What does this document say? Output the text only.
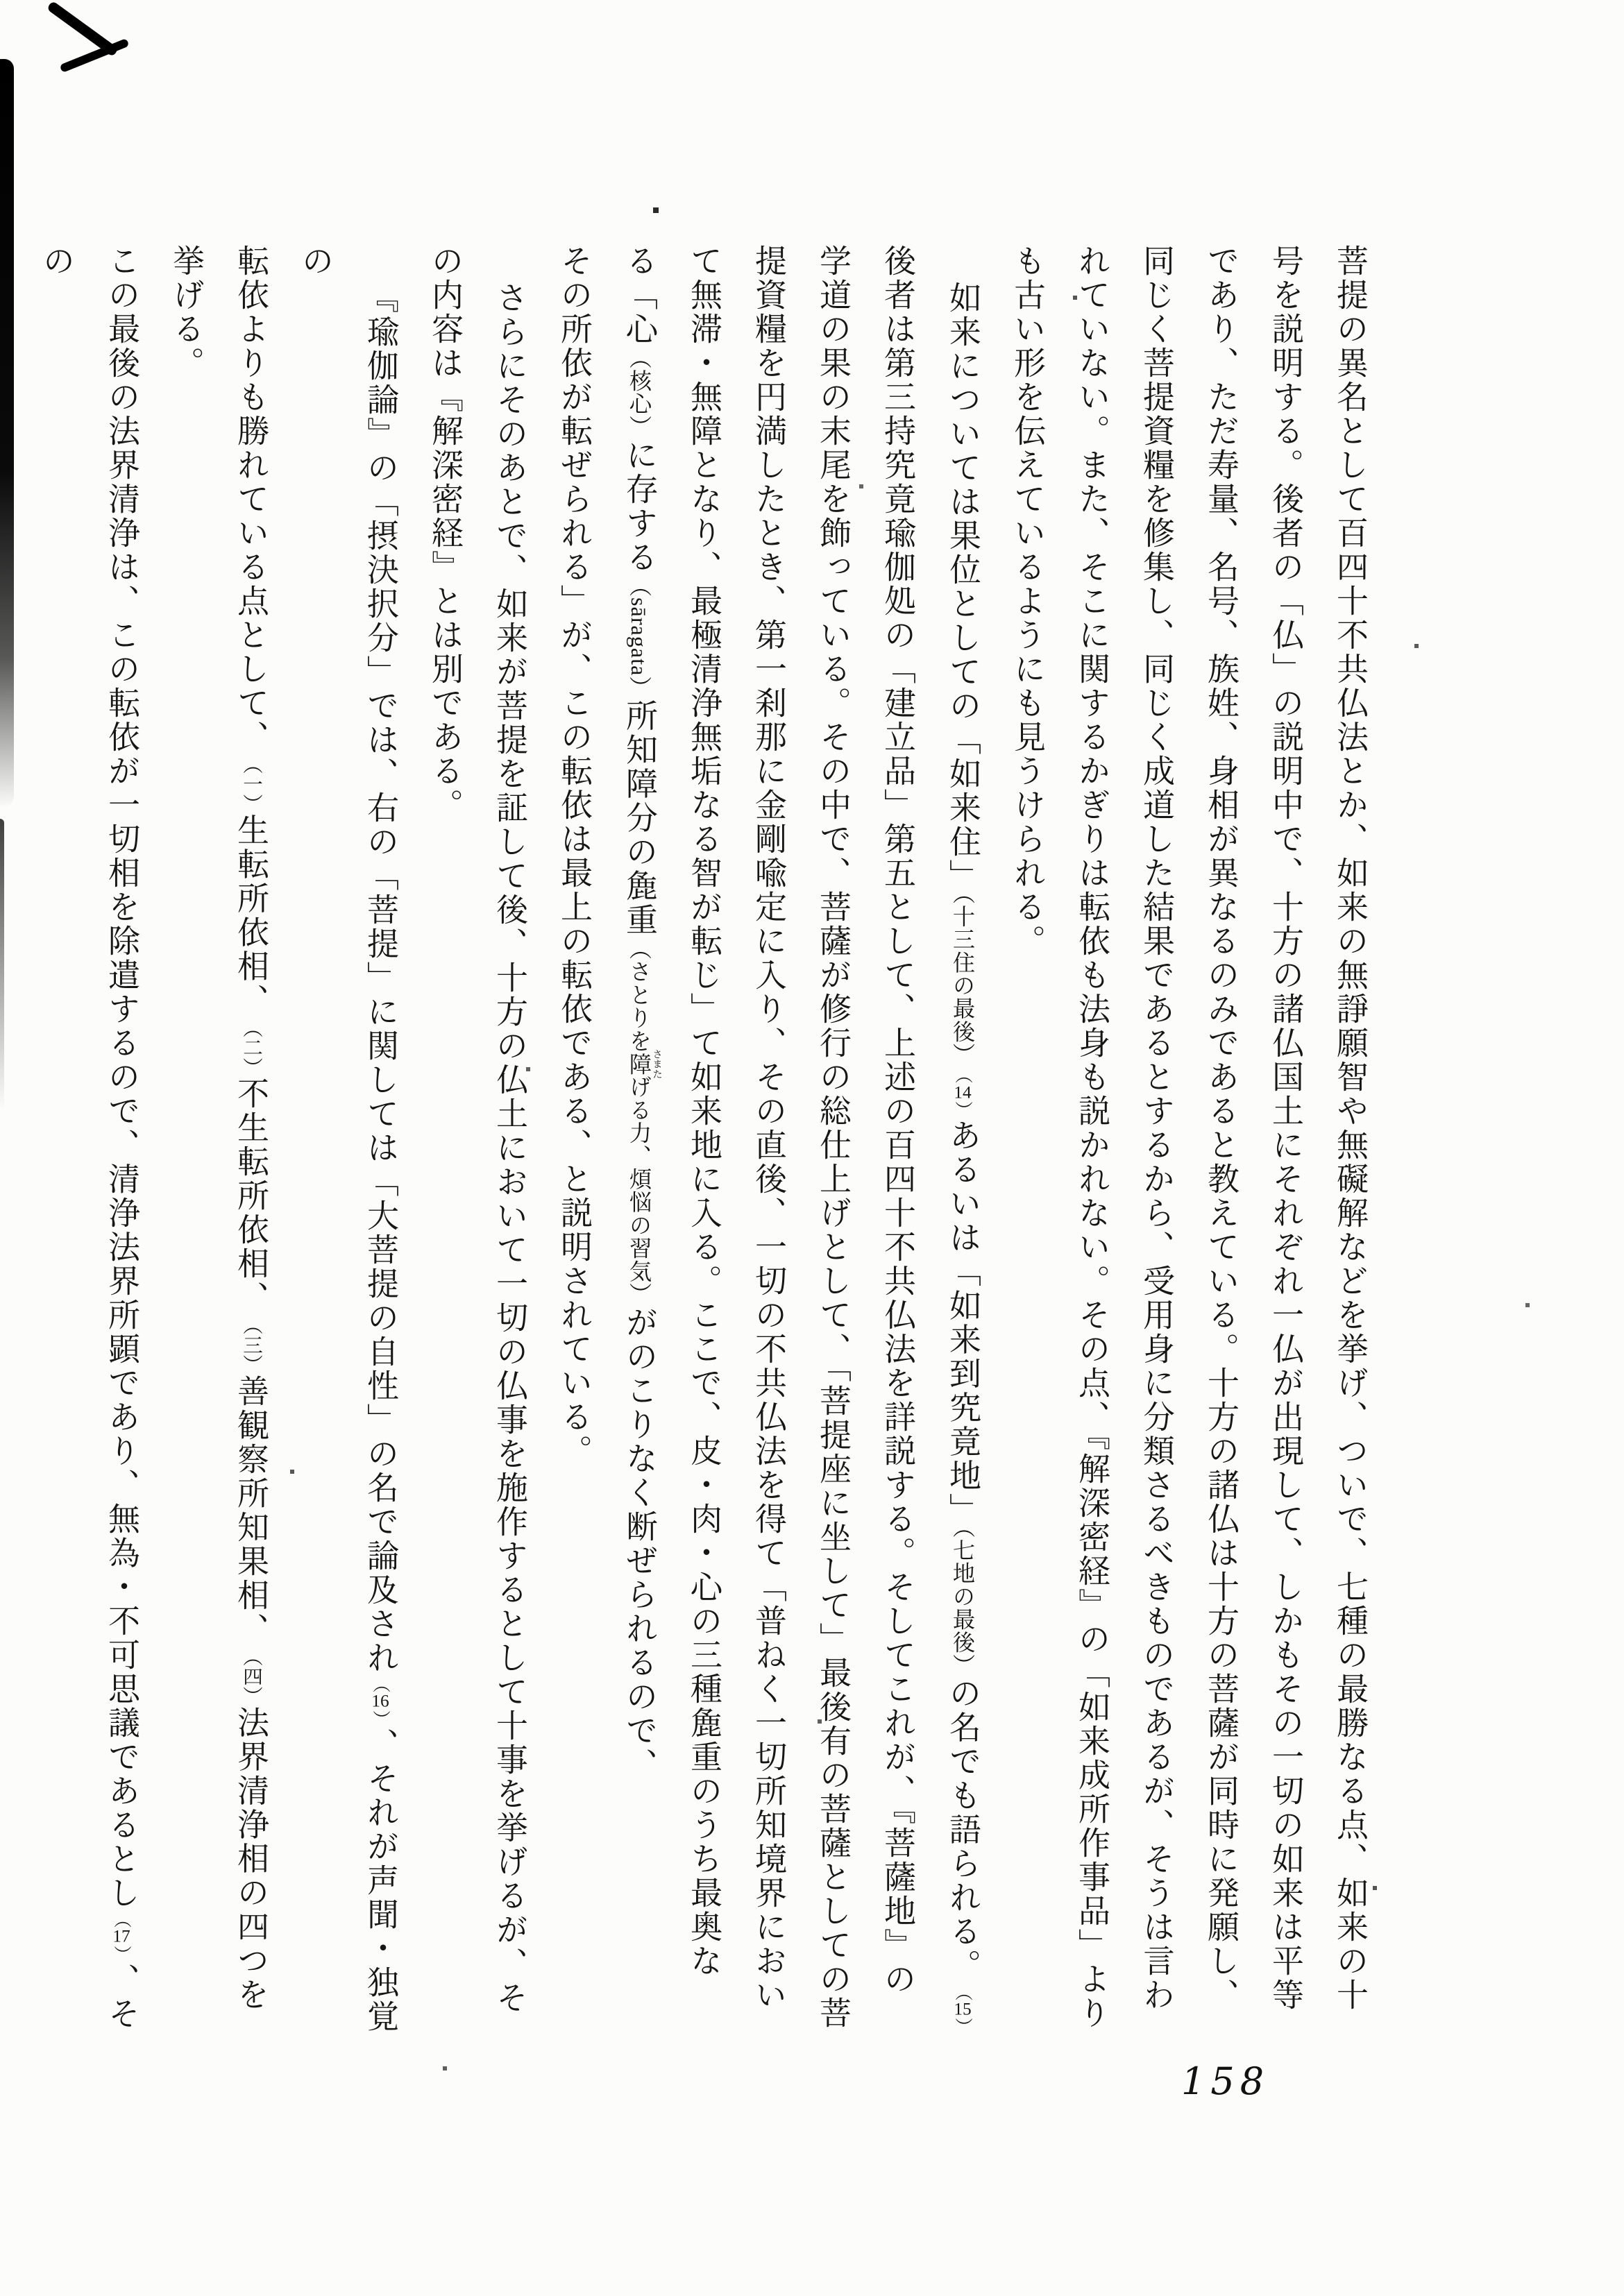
菩提の異名として百四十不共仏法とか、如来の無諍願智や無礙解などを挙げ、ついで、七種の最勝なる点、如来の十

号を説明する。後者の「仏」の説明中で、十方の諸仏国土にそれぞれ一仏が出現して、しかもその一切の如来は平等

であり、ただ寿量、名号、族姓、身相が異なるのみであると教えている。十方の諸仏は十方の菩薩が同時に発願し、

同じく菩提資糧を修集し、同じく成道した結果であるとするから、受用身に分類さるべきものであるが、そうは言わ

れていない。また、そこに関するかぎりは転依も法身も説かれない。その点、『解深密経』の「如来成所作事品」より

も古い形を伝えているようにも見うけられる。

如来については果位としての「如来住」（十三住の最後）︵ 14 ︶あるいは「如来到究竟地」（七地の最後）の名でも語られる。︵ 15 ︶

後者は第三持究竟瑜伽処の「建立品」第五として、上述の百四十不共仏法を詳説する。そしてこれが、『菩薩地』の

学道の果の末尾を飾っている。その中で、菩薩が修行の総仕上げとして、「菩提座に坐して」最後有の菩薩としての菩

提資糧を円満したとき、第一刹那に金剛喩定に入り、その直後、一切の不共仏法を得て「普ねく一切所知境界におい

て無滞・無障となり、最極清浄無垢なる智が転じ」て如来地に入る。ここで、皮・肉・心の三種麁重のうち最奥な

る「心（核心）に存する（sāragata）所知障分の麁重（さとりを障 さまたげる力、煩悩の習気）がのこりなく断ぜられるので、

その所依が転ぜられる」が、この転依は最上の転依である、と説明されている。

さらにそのあとで、如来が菩提を証して後、十方の仏土において一切の仏事を施作するとして十事を挙げるが、そ

の内容は『解深密経』とは別である。

『瑜伽論』の「摂決択分」では、右の「菩提」に関しては「大菩提の自性」の名で論及され︵ 16 ︶、それが声聞・独覚の

転依よりも勝れている点として、︵ 一 ︶生転所依相、︵ 二 ︶不生転所依相、︵ 三 ︶善観察所知果相、︵ 四 ︶法界清浄相の四つを挙げる。

この最後の法界清浄は、この転依が一切相を除遣するので、清浄法界所顕であり、無為・不可思議であるとし︵ 17 ︶、その

158
